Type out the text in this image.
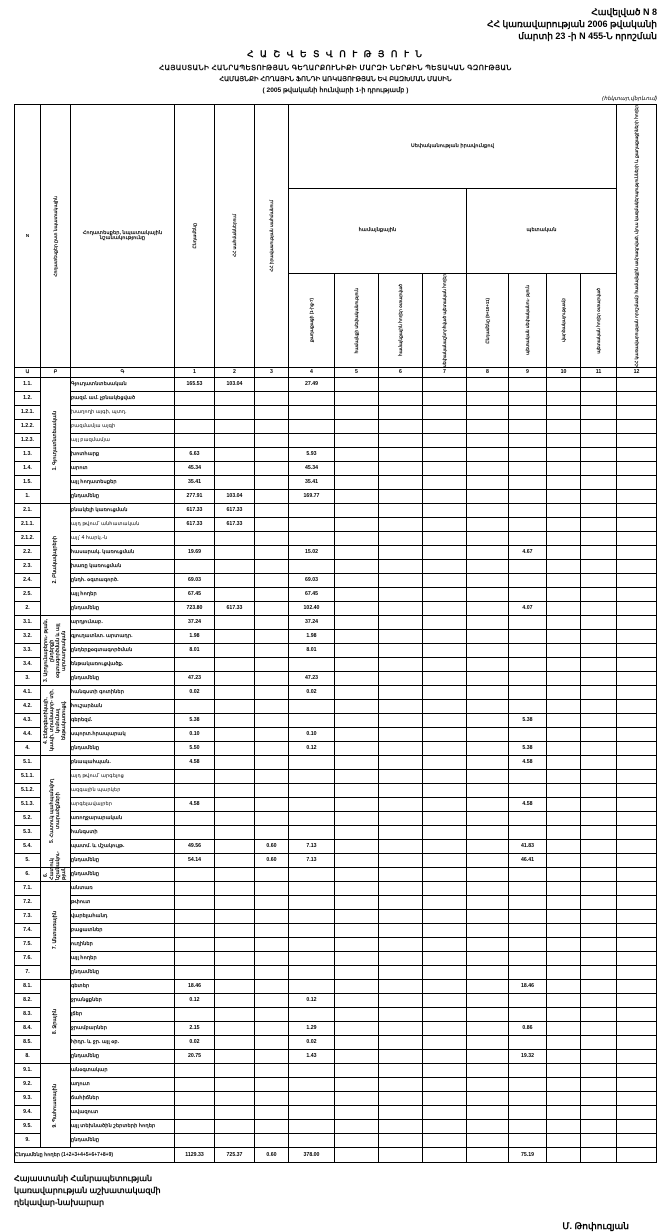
Հավելված N 8
ՀՀ կառավարության 2006 թվականի
մարտի 23 -ի N 455-Ն որոշման
Հ Ա Շ Վ Ե Տ Վ Ո Ւ Թ Յ Ո Ւ Ն
ՀԱՅԱՍՏԱՆԻ ՀԱՆՐԱՊԵՏՈՒԹՅԱՆ ԳԵՂԱՐՔՈՒՆԻՔԻ ՄԱՐԶԻ ՆԵՐՔԻՆ ՊԵՏԱԿԱՆ ԳԶՈՒԹՅԱՆ
ՀԱՄԱՅՆՔԻ ՀՈՂԱՅԻՆ ՖՈՆԴԻ ԱՌԿԱՅՈՒԹՅԱՆ ԵՎ ԲԱԶԽՄԱՆ ՄԱՍԻՆ
( 2005 թվականի հունվարի 1-ի դրությամբ )
(հեկտար,վերևում)
N	Հողատեսքեր ըստ նպատակային	Հողատեսքեր, նպատակային նշանակությունը	Ընդամենը	ՀՀ սահմաններում	ՀՀ իրավասության սահմանում	Սեփականության իրավունքով								ՀՀ կառավարության որոշմամբ համայնքին ամրագրված, մյուս կազմակերպությունների և քաղաքացիների հողեր

						համայնքային				պետական				

						քաղաքացի (1-ից-7)	համայնքի սեփականություն	համայնքային հողեր օտարված	սեփականաշնորհված պետական հողեր	Ընդամենը (9+10+11)	պետական սեփականու- թյուն	վարձակալությամբ	պետական հողեր օտարված	

Ա	Բ	Գ	1	2	3	4	5	6	7	8	9	10	11	12
1.1.	1. Գյուղատնտեսական	Գյուղատնտեսական	165.53	103.04		27.49								
1.2.		բազմ. ամ. չբնակեցված												
1.2.1.		խաղողի այգի, պտղ.												
1.2.2.		բազմամյա այգի												
1.2.3.		այլ բազմամյա												
1.3.		խոտհարք	6.63			5.93								
1.4.		արոտ	45.34			45.34								
1.5.		այլ հողատեսքեր	35.41			35.41								
1.		ընդամենը	277.91	103.04		169.77								
2.1.	2. Բնակավայրերի	բնակելի կառուցման	617.33	617.33										
2.1.1.		այդ թվում՝ անհատական	617.33	617.33										
2.1.2.		այլ՝ 4 հարկ.-ն												
2.2.		հասարակ. կառուցման	19.69			15.02					4.67			
2.3.		խառը կառուցման												
2.4.		ընդհ. օգտագործ.	69.03			69.03								
2.5.		այլ հողեր	67.45			67.45								
2.		ընդամենը	723.80	617.33		102.40					4.07			
3.1.	3. Արդյունաբերու- թյան, ընդերքի օգտագործման և այլ արտադրական	արդյունաբ.	37.24			37.24								
3.2.		գյուղատնտ. արտադր.	1.98			1.98								
3.3.		ընդերքօգտագործման	8.01			8.01								
3.4.		ենթակառուցվածք.												
3.		ընդամենը	47.23			47.23								
4.1.	4. Էներգետիկայի, կապի, տրանսպոր- տի, կոմունալ ենթակառուցվ.	հանգստի գոտիներ	0.02			0.02								
4.2.		հուշարձան												
4.3.		գերեզմ.	5.38								5.38			
4.4.		սպորտ.հրապարակ	0.10			0.10								
4.		ընդամենը	5.50			0.12					5.38			
5.1.	5. Հատուկ պահպանվող տարածքների	բնապահպան.	4.58								4.58			
5.1.1.		այդ թվում՝ արգելոց												
5.1.2.		ազգային պարկեր												
5.1.3.		արգելավայրեր	4.58								4.58			
5.2.		առողջարարական												
5.3.		հանգստի												
5.4.		պատմ. և մշակույթ.	49.56		0.60	7.13					41.83			
5.		ընդամենը	54.14		0.60	7.13					46.41			
6.	6. Հատուկ նշանակու- թյան	ընդամենը												
7.1.	7. Անտառային	անտառ												
7.2.		թփուտ												
7.3.		վարելահանդ												
7.4.		բացատներ												
7.5.		ուղիներ												
7.6.		այլ հողեր												
7.		ընդամենը												
8.1.	8. Ջրային	գետեր	18.46								18.46			
8.2.		ջրանցքներ	0.12			0.12								
8.3.		լճեր												
8.4.		ջրամբարներ	2.15			1.29					0.86			
8.5.		հիդր. և ջր. այլ օբ.	0.02			0.02								
8.		ընդամենը	20.75			1.43					19.32			
9.1.	9. Պահուստային	անօգտակար												
9.2.		աղուտ												
9.3.		ճահիճներ												
9.4.		ավազուտ												
9.5.		այլ տեխնածին շերտերի հողեր												
9.		ընդամենը												
Ընդամենը հողեր (1+2+3+4+5+6+7+8+9)			1129.33	725.37	0.60	378.00					75.19			
Հայաստանի Հանրապետության
կառավարության աշխատակազմի
ղեկավար-նախարար
Մ. Թոփուզյան
